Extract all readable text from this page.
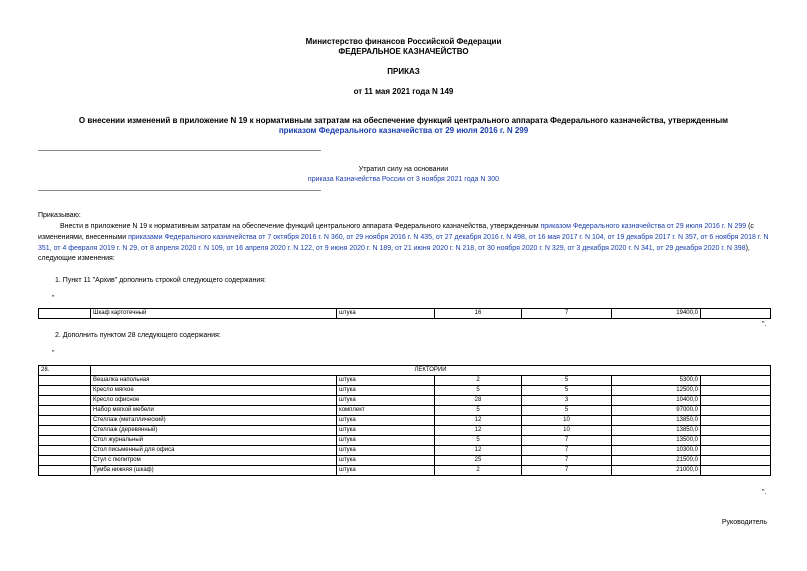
Министерство финансов Российской Федерации
ФЕДЕРАЛЬНОЕ КАЗНАЧЕЙСТВО
ПРИКАЗ
от 11 мая 2021 года N 149
О внесении изменений в приложение N 19 к нормативным затратам на обеспечение функций центрального аппарата Федерального казначейства, утвержденным
приказом Федерального казначейства от 29 июля 2016 г. N 299
Утратил силу на основании
приказа Казначейства России от 3 ноября 2021 года N 300
Приказываю:
Внести в приложение N 19 к нормативным затратам на обеспечение функций центрального аппарата Федерального казначейства, утвержденным приказом Федерального казначейства от 29 июля 2016 г. N 299 (с изменениями, внесенными приказами Федерального казначейства от 7 октября 2016 г. N 360, от 29 ноября 2016 г. N 435, от 27 декабря 2016 г. N 498, от 16 мая 2017 г. N 104, от 19 декабря 2017 г. N 357, от 6 ноября 2018 г. N 351, от 4 февраля 2019 г. N 29, от 8 апреля 2020 г. N 109, от 16 апреля 2020 г. N 122, от 9 июня 2020 г. N 189, от 21 июня 2020 г. N 218, от 30 ноября 2020 г. N 329, от 3 декабря 2020 г. N 341, от 29 декабря 2020 г. N 398), следующие изменения:
1. Пункт 11 "Архив" дополнить строкой следующего содержания:
"
	Шкаф картотечный	штука	16	7	19400,0	
".
2. Дополнить пунктом 28 следующего содержания:
"
28.	ЛЕКТОРИЙ					
	Вешалка напольная	штука	2	5	5300,0	
	Кресло мягкое	штука	5	5	12500,0	
	Кресло офисное	штука	28	3	10400,0	
	Набор мягкой мебели	комплект	5	5	97000,0	
	Стеллаж (металлический)	штука	12	10	13850,0	
	Стеллаж (деревянный)	штука	12	10	13850,0	
	Стол журнальный	штука	5	7	13500,0	
	Стол письменный для офиса	штука	12	7	10300,0	
	Стул с пюпитром	штука	25	7	21500,0	
	Тумба нижняя (шкаф)	штука	2	7	21000,0	
".
Руководитель
